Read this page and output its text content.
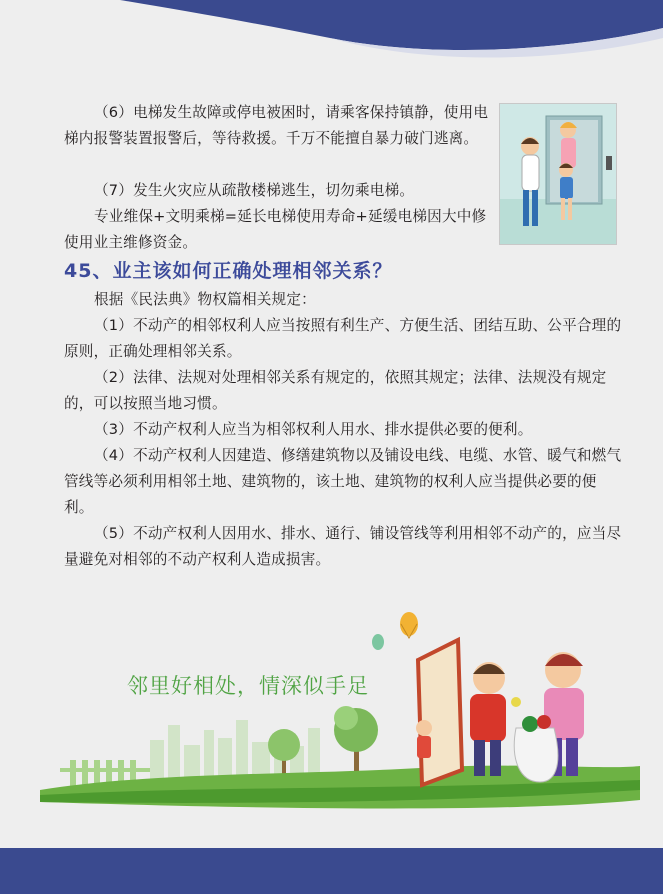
（6）电梯发生故障或停电被困时，请乘客保持镇静，使用电梯内报警装置报警后，等待救援。千万不能擅自暴力破门逃离。

（7）发生火灾应从疏散楼梯逃生，切勿乘电梯。

专业维保+文明乘梯=延长电梯使用寿命+延缓电梯因大中修使用业主维修资金。

45、业主该如何正确处理相邻关系？

根据《民法典》物权篇相关规定：

（1）不动产的相邻权利人应当按照有利生产、方便生活、团结互助、公平合理的原则，正确处理相邻关系。

（2）法律、法规对处理相邻关系有规定的，依照其规定；法律、法规没有规定的，可以按照当地习惯。

（3）不动产权利人应当为相邻权利人用水、排水提供必要的便利。

（4）不动产权利人因建造、修缮建筑物以及铺设电线、电缆、水管、暖气和燃气管线等必须利用相邻土地、建筑物的，该土地、建筑物的权利人应当提供必要的便利。

（5）不动产权利人因用水、排水、通行、铺设管线等利用相邻不动产的，应当尽量避免对相邻的不动产权利人造成损害。

邻里好相处，情深似手足
